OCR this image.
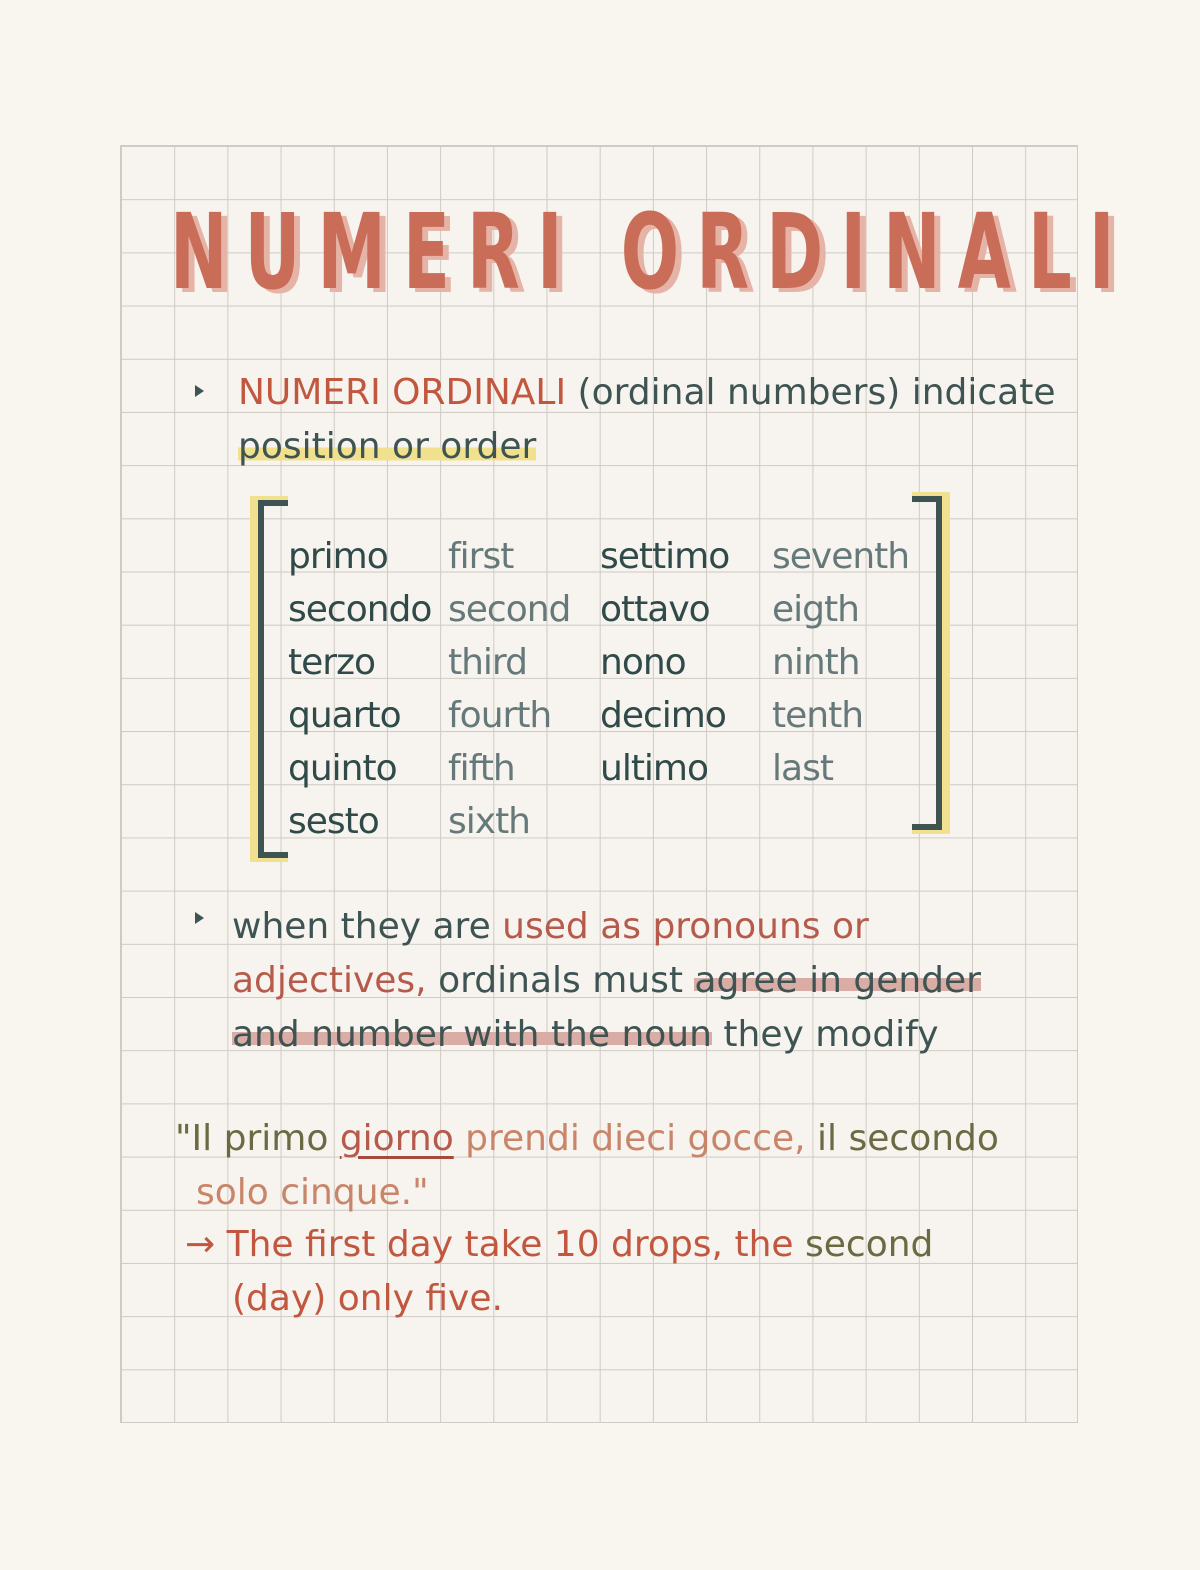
NUMERI ORDINALI
NUMERI ORDINALI (ordinal numbers) indicate
position or order
primo	first	settimo	seventh
secondo	second	ottavo	eigth
terzo	third	nono	ninth
quarto	fourth	decimo	tenth
quinto	fifth	ultimo	last
sesto	sixth		
when they are used as pronouns or
adjectives, ordinals must agree in gender
and number with the noun they modify
"Il primo giorno prendi dieci gocce, il secondo
solo cinque."
→ The first day take 10 drops, the second
(day) only five.
